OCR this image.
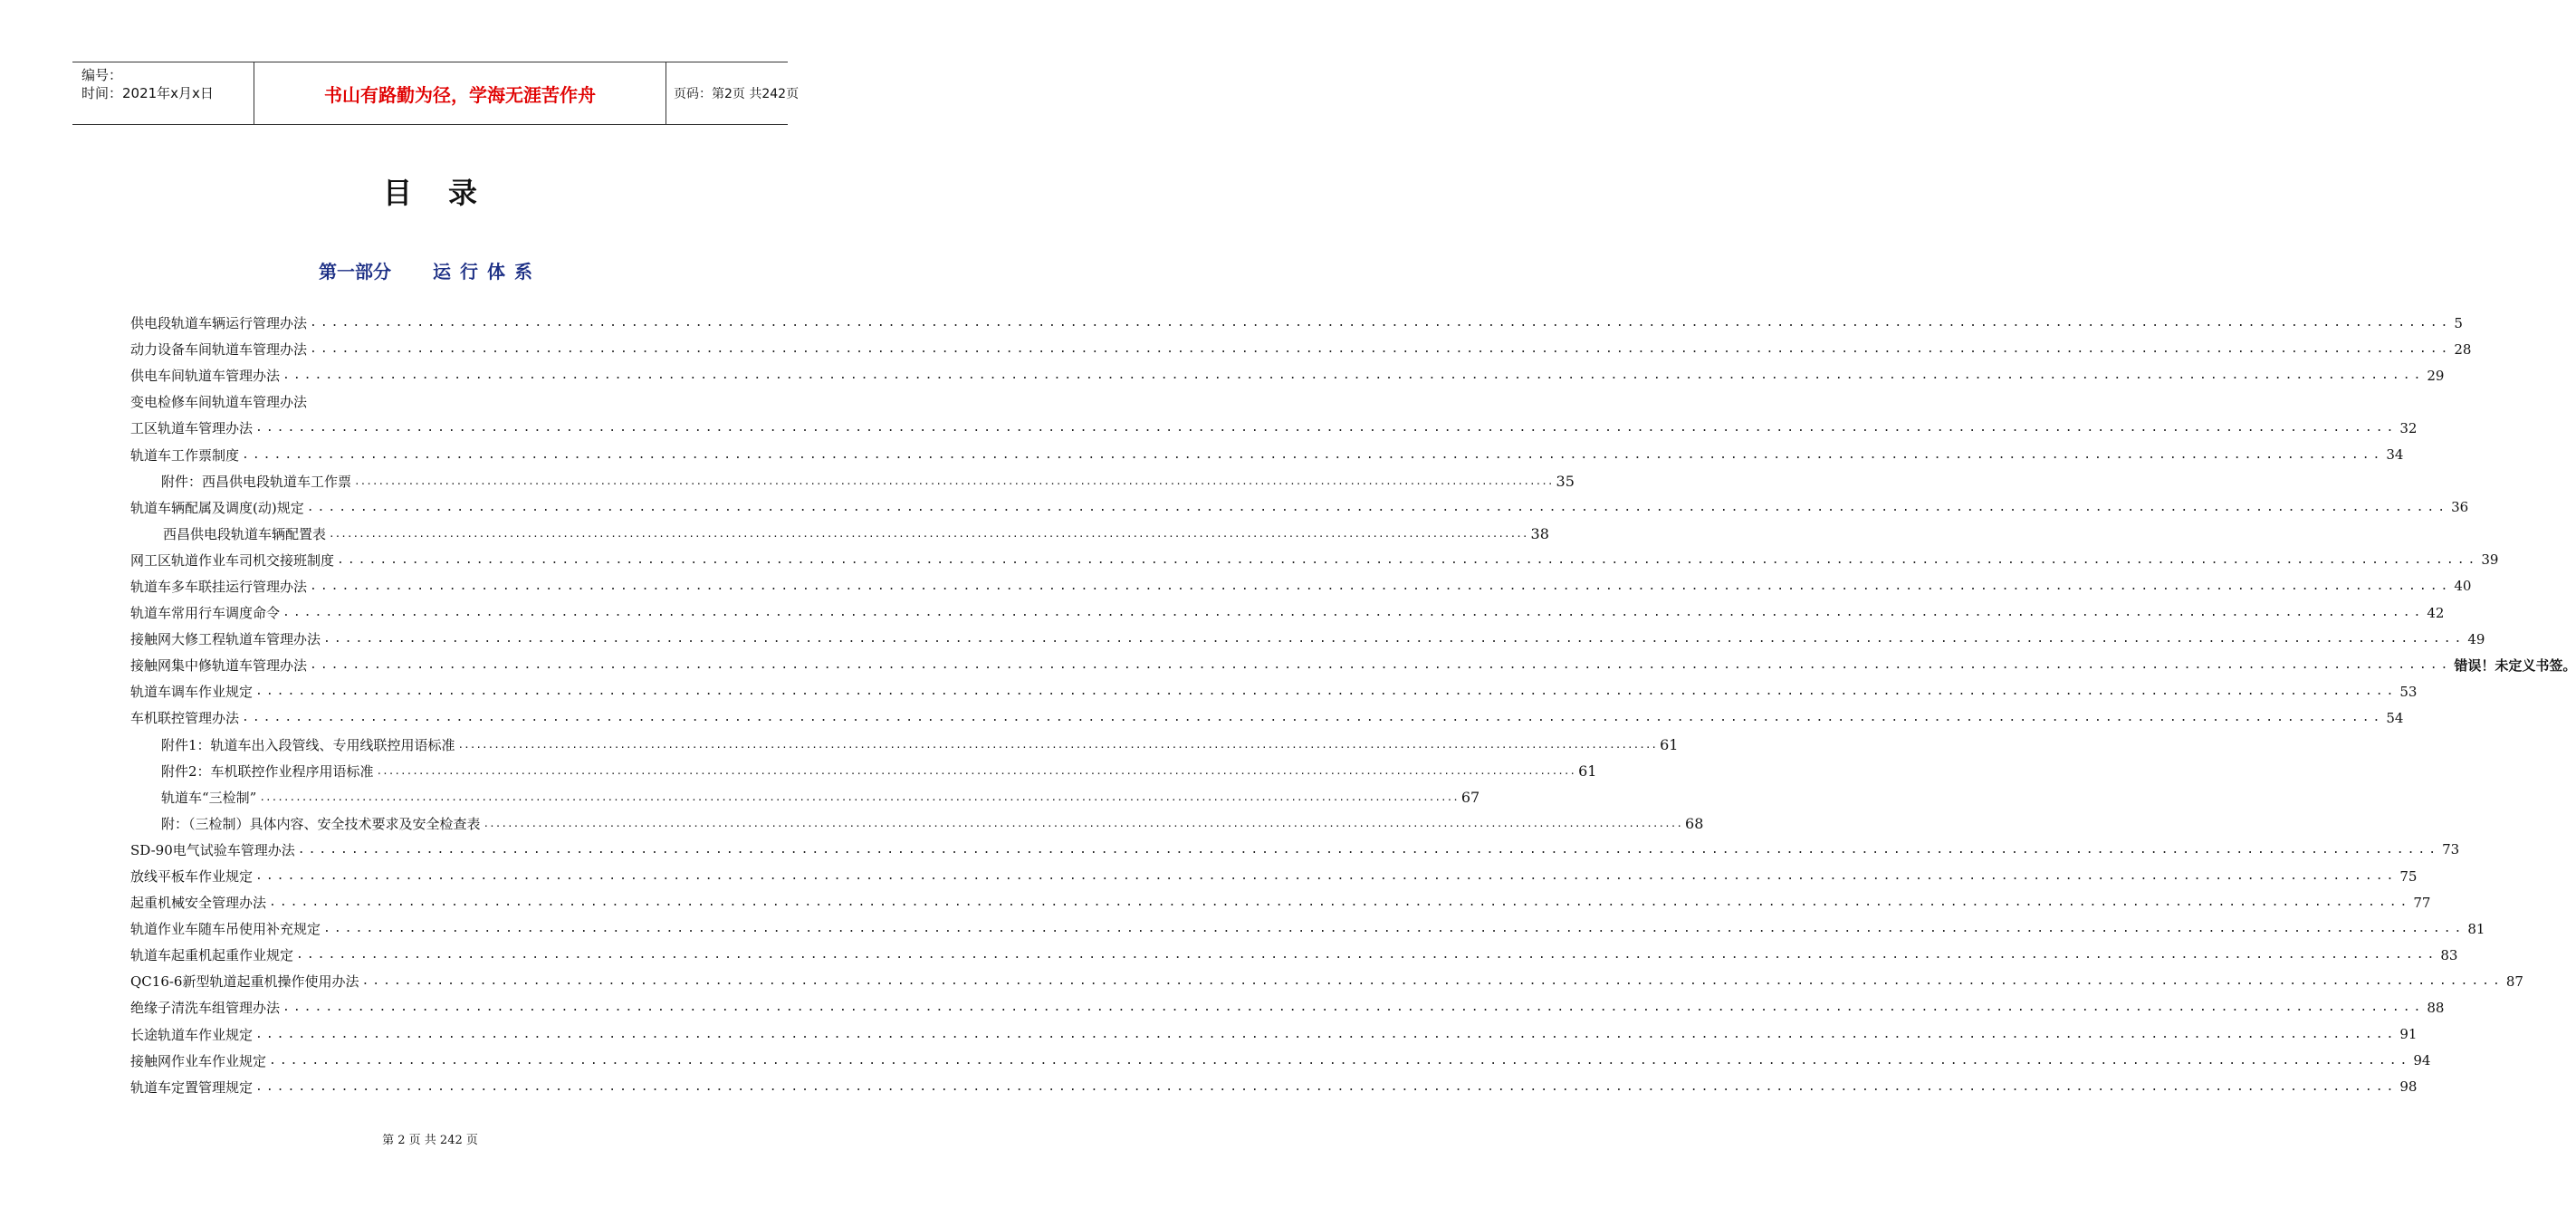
编号：
时间：2021年x月x日	书山有路勤为径，学海无涯苦作舟	页码：第2页 共242页
目录
第一部分 运行体系
供电段轨道车辆运行管理办法 ........................................................................................................................................................................................................ 5
动力设备车间轨道车管理办法 ........................................................................................................................................................................................................ 28
供电车间轨道车管理办法 ........................................................................................................................................................................................................ 29
变电检修车间轨道车管理办法
工区轨道车管理办法 ........................................................................................................................................................................................................ 32
轨道车工作票制度 ........................................................................................................................................................................................................ 34
附件：西昌供电段轨道车工作票 ........................................................................................................................................................................................................ 35
轨道车辆配属及调度(动)规定 ........................................................................................................................................................................................................ 36
西昌供电段轨道车辆配置表 ........................................................................................................................................................................................................ 38
网工区轨道作业车司机交接班制度 ........................................................................................................................................................................................................ 39
轨道车多车联挂运行管理办法 ........................................................................................................................................................................................................ 40
轨道车常用行车调度命令 ........................................................................................................................................................................................................ 42
接触网大修工程轨道车管理办法 ........................................................................................................................................................................................................ 49
接触网集中修轨道车管理办法 ........................................................................................................................................................................................................ 错误！未定义书签。
轨道车调车作业规定 ........................................................................................................................................................................................................ 53
车机联控管理办法 ........................................................................................................................................................................................................ 54
附件1：轨道车出入段管线、专用线联控用语标准 ........................................................................................................................................................................................................ 61
附件2：车机联控作业程序用语标准 ........................................................................................................................................................................................................ 61
轨道车“三检制” ........................................................................................................................................................................................................ 67
附：（三检制）具体内容、安全技术要求及安全检查表 ........................................................................................................................................................................................................ 68
SD-90电气试验车管理办法 ........................................................................................................................................................................................................ 73
放线平板车作业规定 ........................................................................................................................................................................................................ 75
起重机械安全管理办法 ........................................................................................................................................................................................................ 77
轨道作业车随车吊使用补充规定 ........................................................................................................................................................................................................ 81
轨道车起重机起重作业规定 ........................................................................................................................................................................................................ 83
QC16-6新型轨道起重机操作使用办法 ........................................................................................................................................................................................................ 87
绝缘子清洗车组管理办法 ........................................................................................................................................................................................................ 88
长途轨道车作业规定 ........................................................................................................................................................................................................ 91
接触网作业车作业规定 ........................................................................................................................................................................................................ 94
轨道车定置管理规定 ........................................................................................................................................................................................................ 98
第 2 页 共 242 页
